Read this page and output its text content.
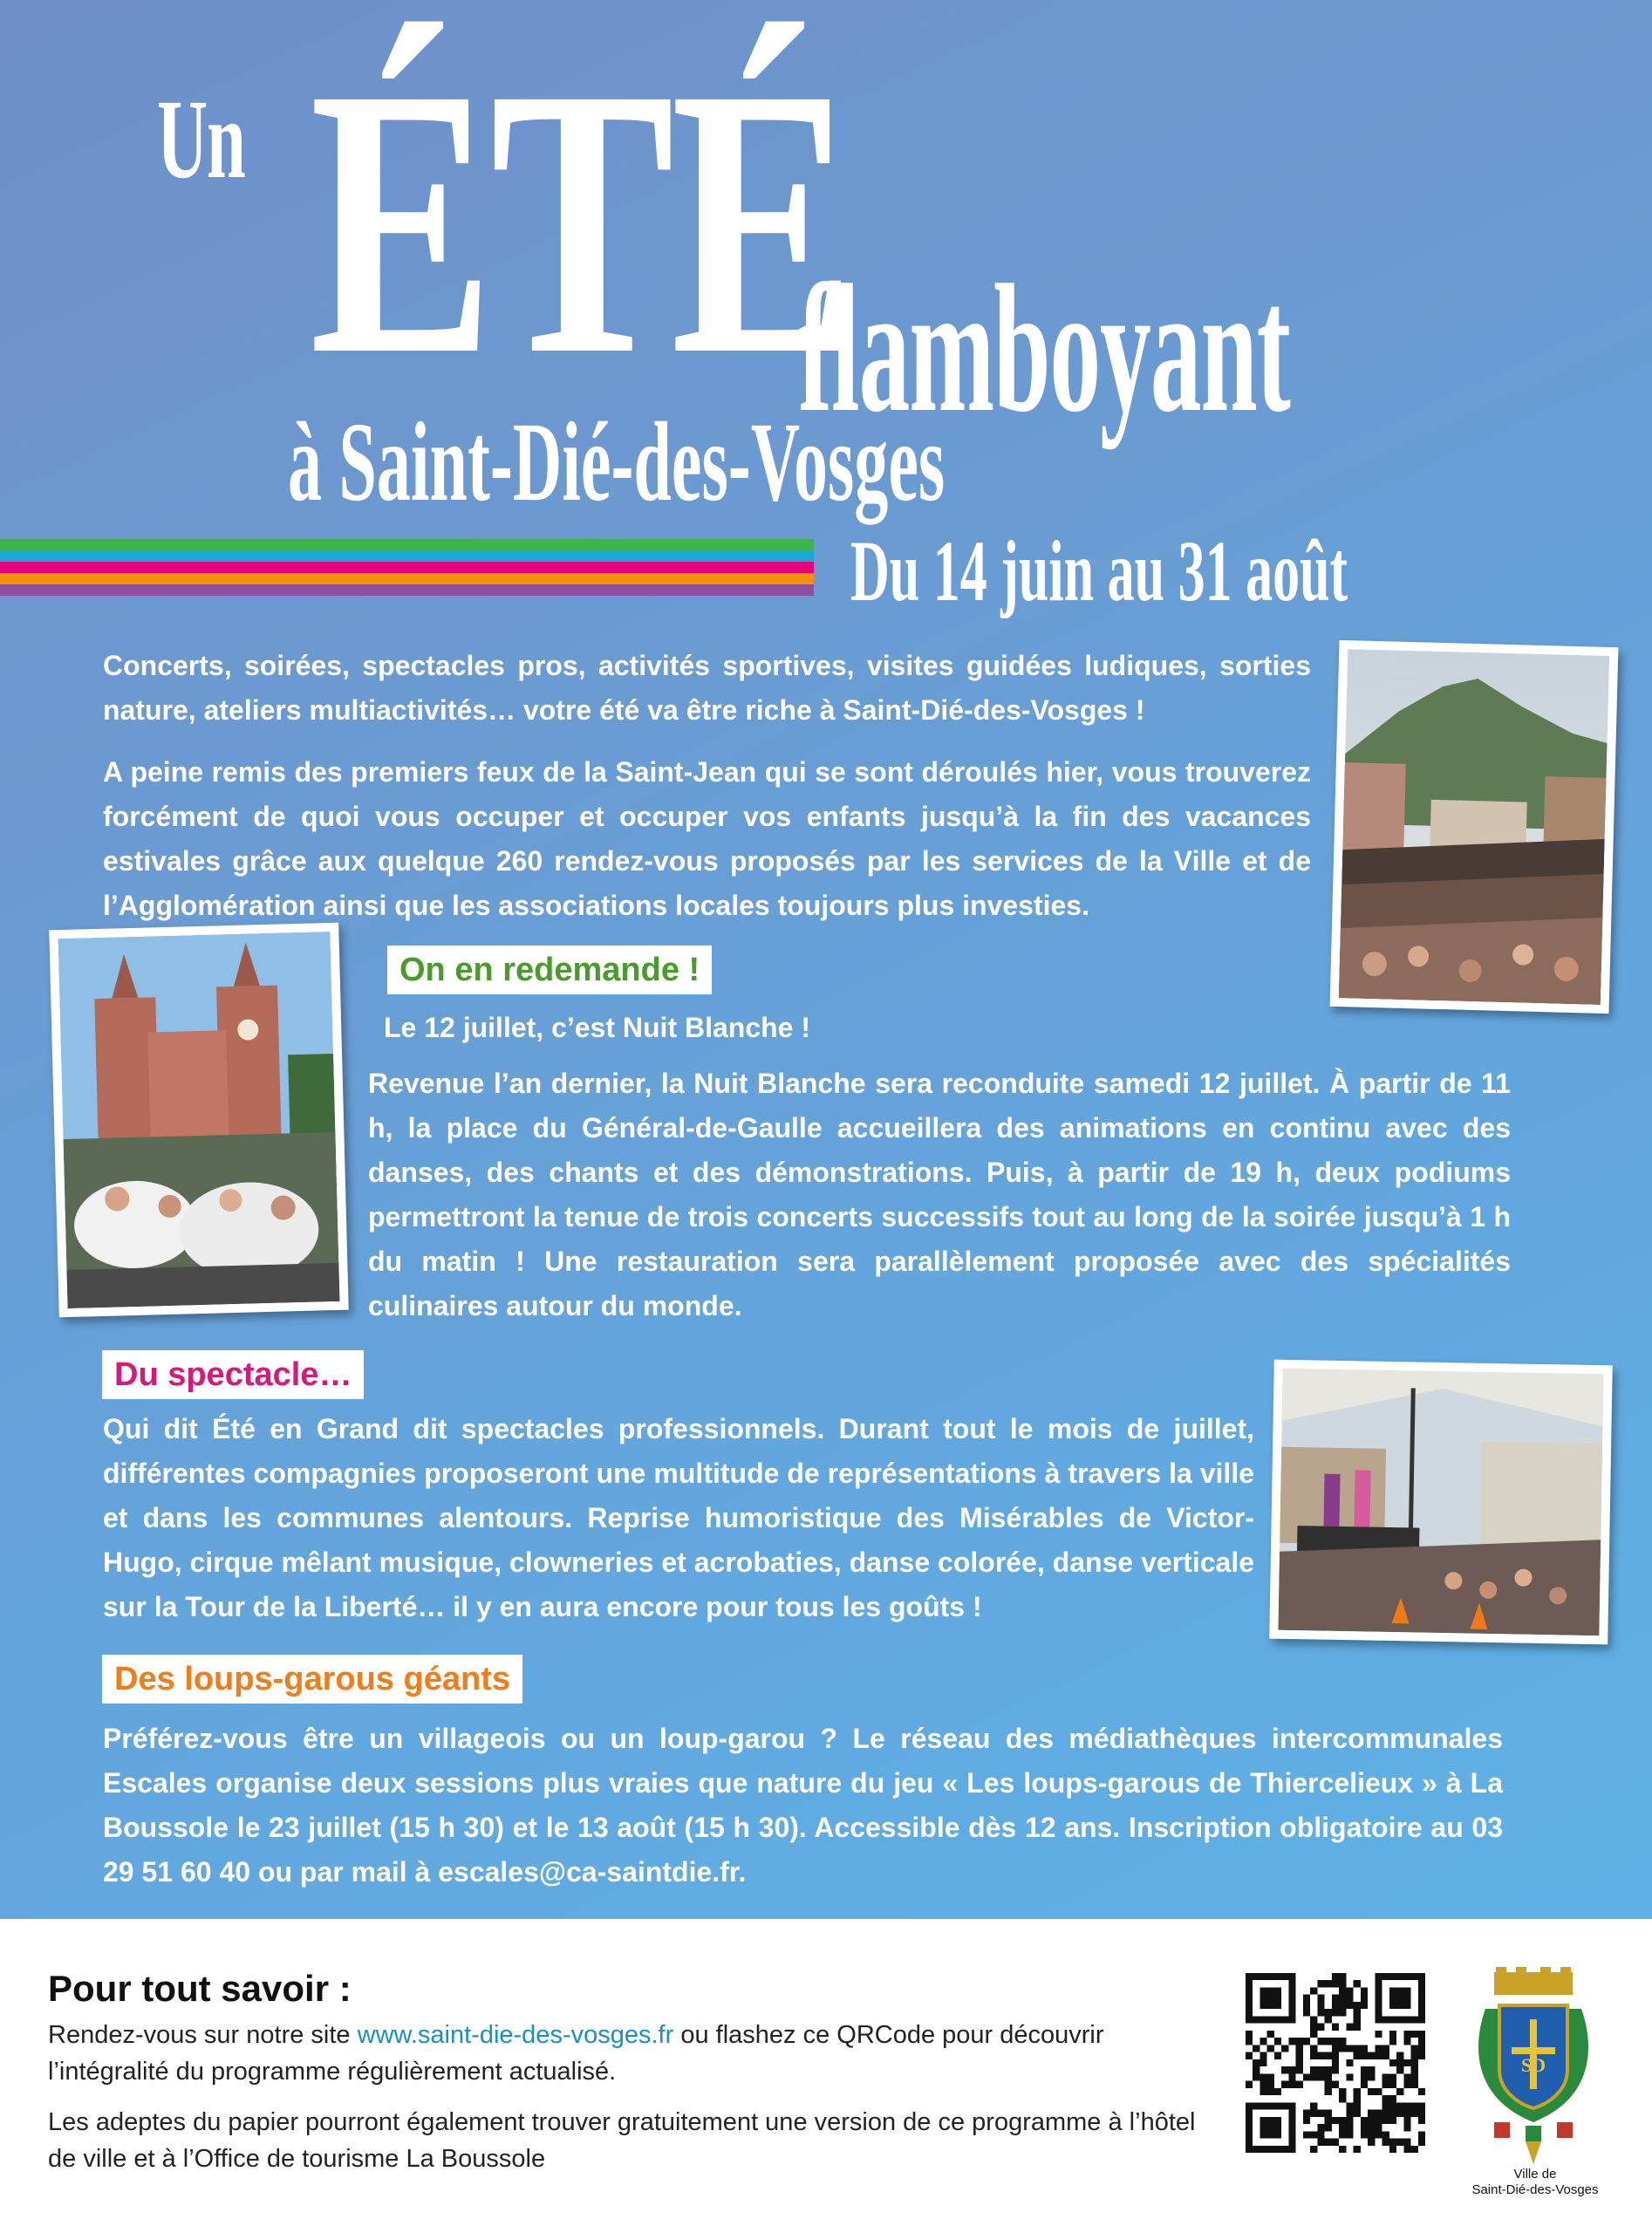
Un ÉTÉ
flamboyant
à Saint-Dié-des-Vosges
Du 14 juin au 31 août

Concerts, soirées, spectacles pros, activités sportives, visites guidées ludiques, sorties nature, ateliers multiactivités… votre été va être riche à Saint-Dié-des-Vosges !

A peine remis des premiers feux de la Saint-Jean qui se sont déroulés hier, vous trouverez forcément de quoi vous occuper et occuper vos enfants jusqu’à la fin des vacances estivales grâce aux quelque 260 rendez-vous proposés par les services de la Ville et de l’Agglomération ainsi que les associations locales toujours plus investies.

On en redemande !
Le 12 juillet, c’est Nuit Blanche !
Revenue l’an dernier, la Nuit Blanche sera reconduite samedi 12 juillet. À partir de 11 h, la place du Général-de-Gaulle accueillera des animations en continu avec des danses, des chants et des démonstrations. Puis, à partir de 19 h, deux podiums permettront la tenue de trois concerts successifs tout au long de la soirée jusqu’à 1 h du matin ! Une restauration sera parallèlement proposée avec des spécialités culinaires autour du monde.
Du spectacle…
Qui dit Été en Grand dit spectacles professionnels. Durant tout le mois de juillet, différentes compagnies proposeront une multitude de représentations à travers la ville et dans les communes alentours. Reprise humoristique des Misérables de Victor-Hugo, cirque mêlant musique, clowneries et acrobaties, danse colorée, danse verticale sur la Tour de la Liberté… il y en aura encore pour tous les goûts !
Des loups-garous géants
Préférez-vous être un villageois ou un loup-garou ? Le réseau des médiathèques intercommunales Escales organise deux sessions plus vraies que nature du jeu « Les loups-garous de Thiercelieux » à La Boussole le 23 juillet (15 h 30) et le 13 août (15 h 30). Accessible dès 12 ans. Inscription obligatoire au 03 29 51 60 40 ou par mail à escales@ca-saintdie.fr.
Pour tout savoir :

Rendez-vous sur notre site www.saint-die-des-vosges.fr ou flashez ce QRCode pour découvrir l’intégralité du programme régulièrement actualisé.

Les adeptes du papier pourront également trouver gratuitement une version de ce programme à l’hôtel de ville et à l’Office de tourisme La Boussole

SD
Ville de
Saint-Dié-des-Vosges
